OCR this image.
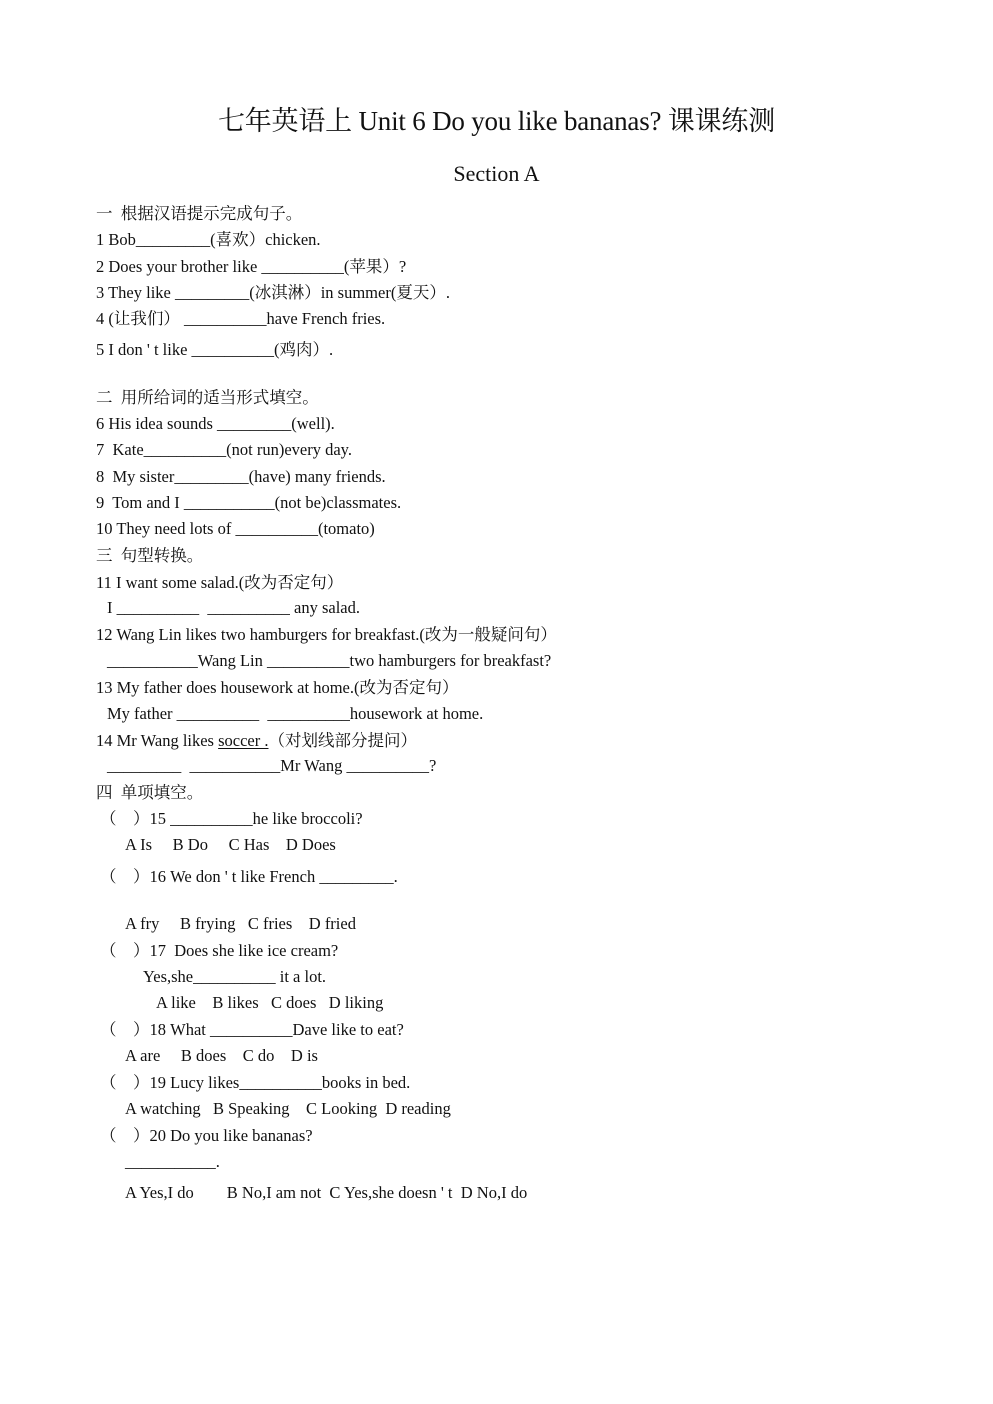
七年英语上 Unit 6 Do you like bananas? 课课练测
Section A
一  根据汉语提示完成句子。
1 Bob_________(喜欢）chicken.
2 Does your brother like __________(苹果）?
3 They like _________(冰淇淋）in summer(夏天）.
4 (让我们） __________have French fries.
5 I don ' t like __________(鸡肉）.
二  用所给词的适当形式填空。
6 His idea sounds _________(well).
7  Kate__________(not run)every day.
8  My sister_________(have) many friends.
9  Tom and I ___________(not be)classmates.
10 They need lots of __________(tomato)
三  句型转换。
11 I want some salad.(改为否定句）
I __________  __________ any salad.
12 Wang Lin likes two hamburgers for breakfast.(改为一般疑问句）
___________Wang Lin __________two hamburgers for breakfast?
13 My father does housework at home.(改为否定句）
My father __________  __________housework at home.
14 Mr Wang likes soccer .（对划线部分提问）
_________  ___________Mr Wang __________?
四  单项填空。
（    ）15 __________he like broccoli?
A Is     B Do     C Has    D Does
（    ）16 We don ' t like French _________.
A fry     B frying   C fries    D fried
（    ）17  Does she like ice cream?
Yes,she__________ it a lot.
A like    B likes   C does   D liking
（    ）18 What __________Dave like to eat?
A are     B does    C do    D is
（    ）19 Lucy likes__________books in bed.
A watching   B Speaking    C Looking  D reading
（    ）20 Do you like bananas?
___________.
A Yes,I do        B No,I am not  C Yes,she doesn ' t  D No,I do
